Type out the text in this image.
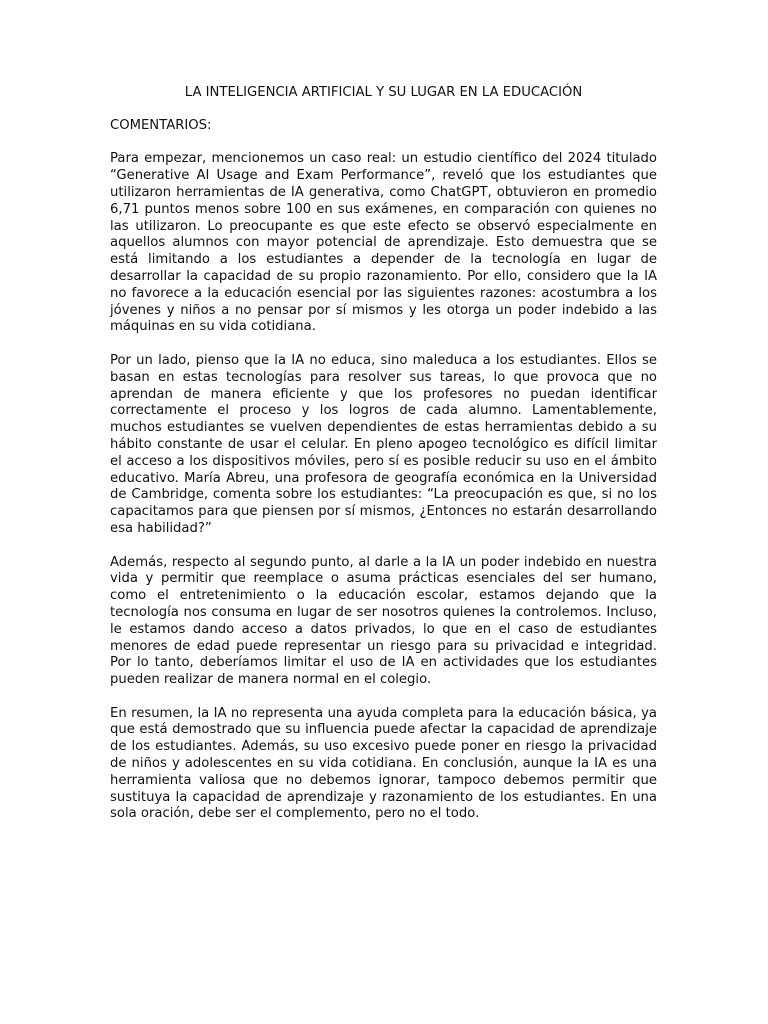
LA INTELIGENCIA ARTIFICIAL Y SU LUGAR EN LA EDUCACIÓN
COMENTARIOS:

Para empezar, mencionemos un caso real: un estudio científico del 2024 titulado “Generative AI Usage and Exam Performance”, reveló que los estudiantes que utilizaron herramientas de IA generativa, como ChatGPT, obtuvieron en promedio 6,71 puntos menos sobre 100 en sus exámenes, en comparación con quienes no las utilizaron. Lo preocupante es que este efecto se observó especialmente en aquellos alumnos con mayor potencial de aprendizaje. Esto demuestra que se está limitando a los estudiantes a depender de la tecnología en lugar de desarrollar la capacidad de su propio razonamiento. Por ello, considero que la IA no favorece a la educación esencial por las siguientes razones: acostumbra a los jóvenes y niños a no pensar por sí mismos y les otorga un poder indebido a las máquinas en su vida cotidiana.

Por un lado, pienso que la IA no educa, sino maleduca a los estudiantes. Ellos se basan en estas tecnologías para resolver sus tareas, lo que provoca que no aprendan de manera eficiente y que los profesores no puedan identificar correctamente el proceso y los logros de cada alumno. Lamentablemente, muchos estudiantes se vuelven dependientes de estas herramientas debido a su hábito constante de usar el celular. En pleno apogeo tecnológico es difícil limitar el acceso a los dispositivos móviles, pero sí es posible reducir su uso en el ámbito educativo. María Abreu, una profesora de geografía económica en la Universidad de Cambridge, comenta sobre los estudiantes: “La preocupación es que, si no los capacitamos para que piensen por sí mismos, ¿Entonces no estarán desarrollando esa habilidad?”

Además, respecto al segundo punto, al darle a la IA un poder indebido en nuestra vida y permitir que reemplace o asuma prácticas esenciales del ser humano, como el entretenimiento o la educación escolar, estamos dejando que la tecnología nos consuma en lugar de ser nosotros quienes la controlemos. Incluso, le estamos dando acceso a datos privados, lo que en el caso de estudiantes menores de edad puede representar un riesgo para su privacidad e integridad. Por lo tanto, deberíamos limitar el uso de IA en actividades que los estudiantes pueden realizar de manera normal en el colegio.

En resumen, la IA no representa una ayuda completa para la educación básica, ya que está demostrado que su influencia puede afectar la capacidad de aprendizaje de los estudiantes. Además, su uso excesivo puede poner en riesgo la privacidad de niños y adolescentes en su vida cotidiana. En conclusión, aunque la IA es una herramienta valiosa que no debemos ignorar, tampoco debemos permitir que sustituya la capacidad de aprendizaje y razonamiento de los estudiantes. En una sola oración, debe ser el complemento, pero no el todo.
